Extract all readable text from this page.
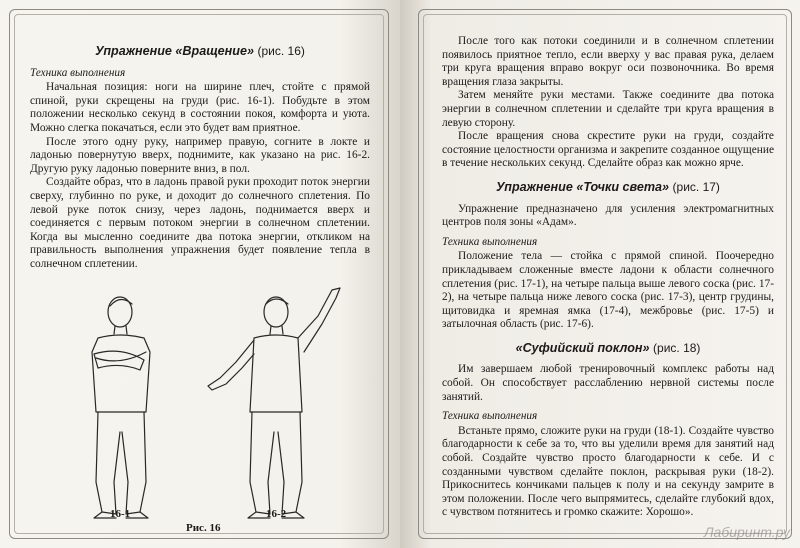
Упражнение «Вращение» (рис. 16)
Техника выполнения

Начальная позиция: ноги на ширине плеч, стойте с прямой спиной, руки скрещены на груди (рис. 16-1). Побудьте в этом положении несколько секунд в состоянии покоя, комфорта и уюта. Можно слегка покачаться, если это будет вам приятное.

После этого одну руку, например правую, согните в локте и ладонью повернутую вверх, поднимите, как указано на рис. 16-2. Другую руку ладонью поверните вниз, в пол.

Создайте образ, что в ладонь правой руки проходит поток энергии сверху, глубинно по руке, и доходит до солнечного сплетения. По левой руке поток снизу, через ладонь, поднимается вверх и соединяется с первым потоком энергии в солнечном сплетении. Когда вы мысленно соедините два потока энергии, откликом на правильность выполнения упражнения будет появление тепла в солнечном сплетении.

16-1
Рис. 16
16-2

После того как потоки соединили и в солнечном сплетении появилось приятное тепло, если вверху у вас правая рука, делаем три круга вращения вправо вокруг оси позвоночника. Во время вращения глаза закрыты.

Затем меняйте руки местами. Также соедините два потока энергии в солнечном сплетении и сделайте три круга вращения в левую сторону.

После вращения снова скрестите руки на груди, создайте состояние целостности организма и закрепите созданное ощущение в течение нескольких секунд. Сделайте образ как можно ярче.

Упражнение «Точки света» (рис. 17)

Упражнение предназначено для усиления электромагнитных центров поля зоны «Адам».

Техника выполнения

Положение тела — стойка с прямой спиной. Поочередно прикладываем сложенные вместе ладони к области солнечного сплетения (рис. 17-1), на четыре пальца выше левого соска (рис. 17-2), на четыре пальца ниже левого соска (рис. 17-3), центр грудины, щитовидка и яремная ямка (17-4), межбровье (рис. 17-5) и затылочная область (рис. 17-6).

«Суфийский поклон» (рис. 18)

Им завершаем любой тренировочный комплекс работы над собой. Он способствует расслаблению нервной системы после занятий.

Техника выполнения

Встаньте прямо, сложите руки на груди (18-1). Создайте чувство благодарности к себе за то, что вы уделили время для занятий над собой. Создайте чувство просто благодарности к себе. И с созданными чувством сделайте поклон, раскрывая руки (18-2). Прикоснитесь кончиками пальцев к полу и на секунду замрите в этом положении. После чего выпрямитесь, сделайте глубокий вдох, с чувством потянитесь и громко скажите: Хорошо».

Лабиринт.ру
